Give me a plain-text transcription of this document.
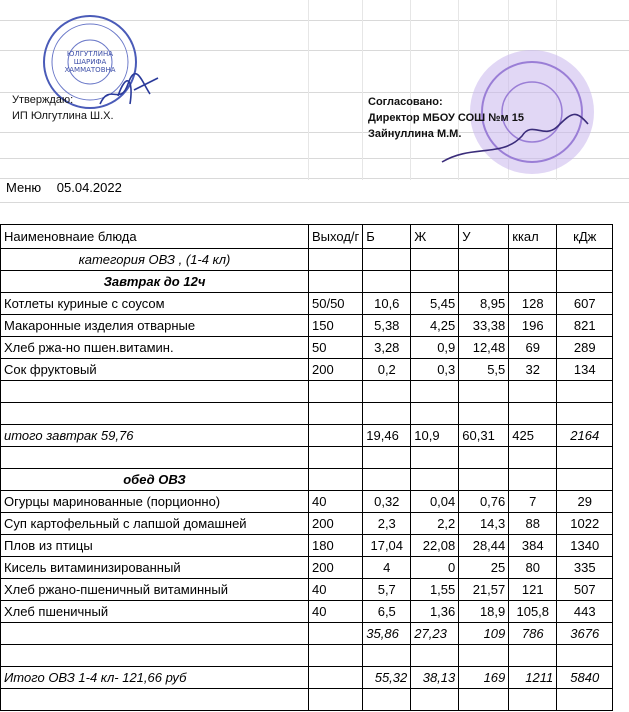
ЮЛГУТЛИНА
ШАРИФА
ХАММАТОВНА
Утверждаю:
ИП Юлгутлина Ш.Х.
Согласовано:
Директор МБОУ СОШ №м 15
Зайнуллина М.М.
Меню 05.04.2022
Наименовнаие блюда	Выход/г	Б	Ж	У	ккал	кДж
категория ОВЗ , (1-4 кл)						
Завтрак до 12ч						
Котлеты куриные с соусом	50/50	10,6	5,45	8,95	128	607
Макаронные изделия отварные	150	5,38	4,25	33,38	196	821
Хлеб ржа-но пшен.витамин.	50	3,28	0,9	12,48	69	289
Сок фруктовый	200	0,2	0,3	5,5	32	134

итого завтрак 59,76		19,46	10,9	60,31	425	2164

обед ОВЗ						
Огурцы маринованные (порционно)	40	0,32	0,04	0,76	7	29
Суп картофельный с лапшой домашней	200	2,3	2,2	14,3	88	1022
Плов из птицы	180	17,04	22,08	28,44	384	1340
Кисель витаминизированный	200	4	0	25	80	335
Хлеб ржано-пшеничный витаминный	40	5,7	1,55	21,57	121	507
Хлеб пшеничный	40	6,5	1,36	18,9	105,8	443
		35,86	27,23	109	786	3676

Итого ОВЗ 1-4 кл- 121,66 руб		55,32	38,13	169	1211	5840
